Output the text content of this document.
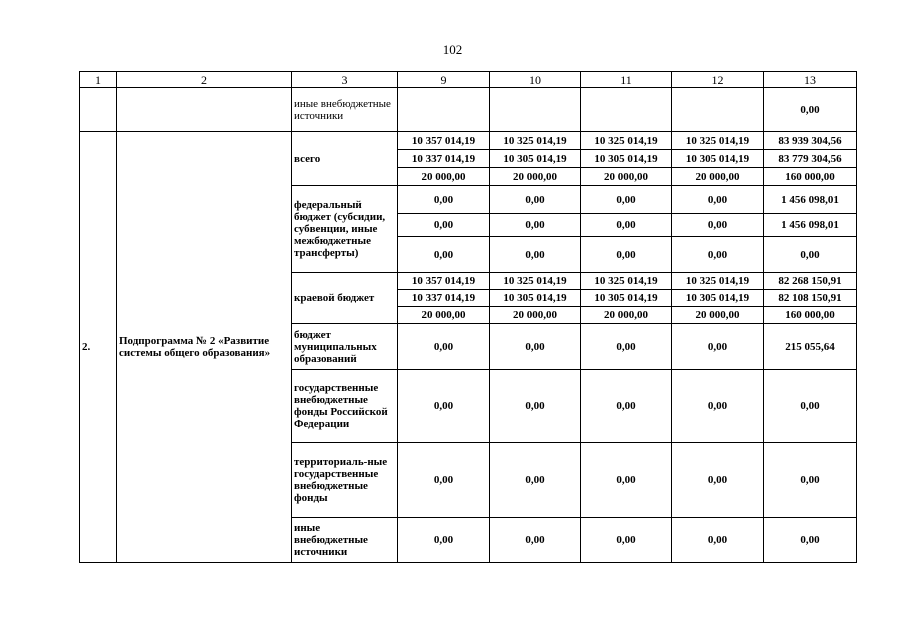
102
1	2	3	9	10	11	12	13
		иные внебюджетные источники					0,00
2.	Подпрограмма № 2 «Развитие системы общего образования»	всего	10 357 014,19	10 325 014,19	10 325 014,19	10 325 014,19	83 939 304,56
			10 337 014,19	10 305 014,19	10 305 014,19	10 305 014,19	83 779 304,56
			20 000,00	20 000,00	20 000,00	20 000,00	160 000,00
		федеральный бюджет (субсидии, субвенции, иные межбюджетные трансферты)	0,00	0,00	0,00	0,00	1 456 098,01
			0,00	0,00	0,00	0,00	1 456 098,01
			0,00	0,00	0,00	0,00	0,00
		краевой бюджет	10 357 014,19	10 325 014,19	10 325 014,19	10 325 014,19	82 268 150,91
			10 337 014,19	10 305 014,19	10 305 014,19	10 305 014,19	82 108 150,91
			20 000,00	20 000,00	20 000,00	20 000,00	160 000,00
		бюджет муниципальных образований	0,00	0,00	0,00	0,00	215 055,64
		государственные внебюджетные фонды Российской Федерации	0,00	0,00	0,00	0,00	0,00
		территориаль-ные государственные внебюджетные фонды	0,00	0,00	0,00	0,00	0,00
		иные внебюджетные источники	0,00	0,00	0,00	0,00	0,00
